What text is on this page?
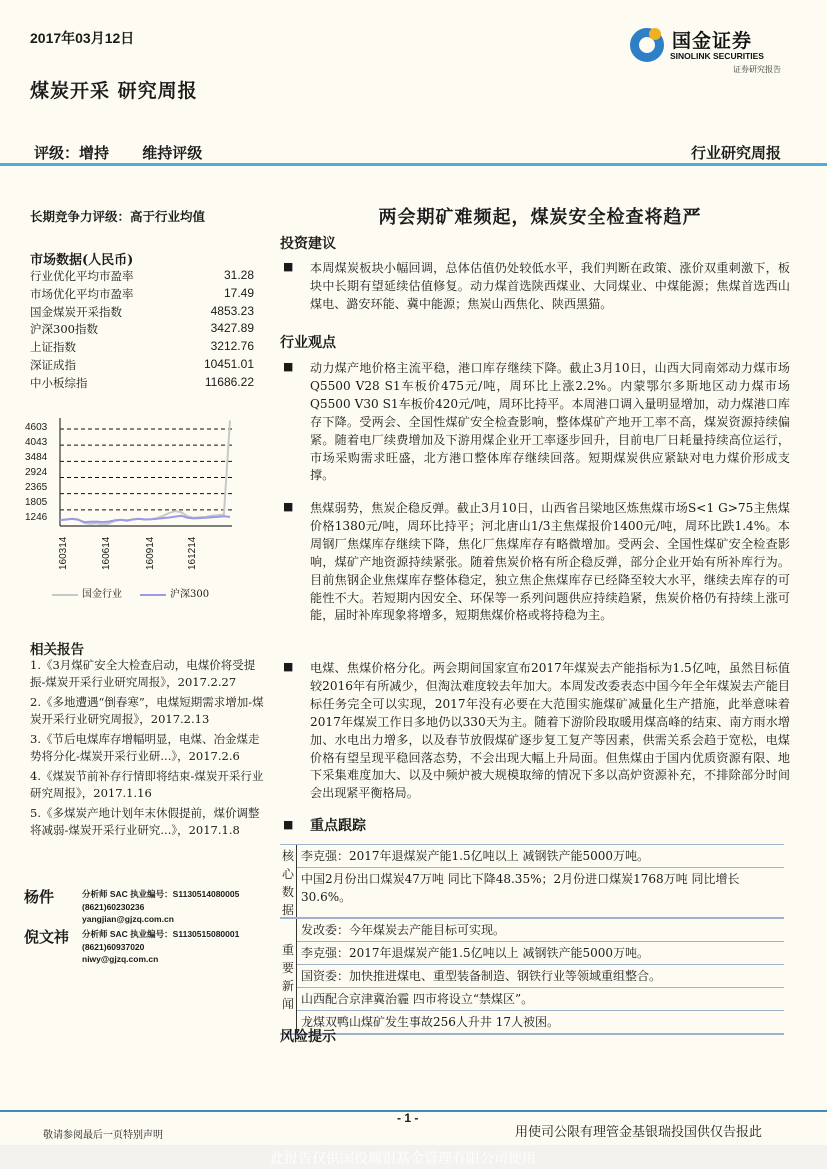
2017年03月12日
煤炭开采 研究周报
评级：增持 维持评级	行业研究周报
国金证券
SINOLINK SECURITIES
证券研究报告
长期竞争力评级：高于行业均值
市场数据(人民币)
行业优化平均市盈率	31.28
市场优化平均市盈率	17.49
国金煤炭开采指数	4853.23
沪深300指数	3427.89
上证指数	3212.76
深证成指	10451.01
中小板综指	11686.22
4603
4043
3484
2924
2365
1805
1246
160314	160614	160914	161214
国金行业	沪深300
相关报告
1.《3月煤矿安全大检查启动，电煤价将受提振-煤炭开采行业研究周报》，2017.2.27
2.《多地遭遇“倒春寒”，电煤短期需求增加-煤炭开采行业研究周报》，2017.2.13
3.《节后电煤库存增幅明显，电煤、冶金煤走势将分化-煤炭开采行业研...》，2017.2.6
4.《煤炭节前补存行情即将结束-煤炭开采行业研究周报》，2017.1.16
5.《多煤炭产地计划年末休假提前，煤价调整将减弱-煤炭开采行业研究...》，2017.1.8
杨件	分析师 SAC 执业编号：S1130514080005
(8621)60230236
yangjian@gjzq.com.cn
倪文祎 分析师 SAC 执业编号：S1130515080001
(8621)60937020
niwy@gjzq.com.cn
两会期矿难频起，煤炭安全检查将趋严
投资建议
■	本周煤炭板块小幅回调，总体估值仍处较低水平，我们判断在政策、涨价双重刺激下，板块中长期有望延续估值修复。动力煤首选陕西煤业、大同煤业、中煤能源；焦煤首选西山煤电、潞安环能、冀中能源；焦炭山西焦化、陕西黑猫。
行业观点
■	动力煤产地价格主流平稳，港口库存继续下降。截止3月10日，山西大同南郊动力煤市场Q5500 V28 S1车板价475元/吨，周环比上涨2.2%。内蒙鄂尔多斯地区动力煤市场Q5500 V30 S1车板价420元/吨，周环比持平。本周港口调入量明显增加，动力煤港口库存下降。受两会、全国性煤矿安全检查影响，整体煤矿产地开工率不高，煤炭资源持续偏紧。随着电厂续费增加及下游用煤企业开工率逐步回升，目前电厂日耗量持续高位运行，市场采购需求旺盛，北方港口整体库存继续回落。短期煤炭供应紧缺对电力煤价形成支撑。
■	焦煤弱势，焦炭企稳反弹。截止3月10日，山西省吕梁地区炼焦煤市场S<1 G>75主焦煤价格1380元/吨，周环比持平；河北唐山1/3主焦煤报价1400元/吨，周环比跌1.4%。本周钢厂焦煤库存继续下降，焦化厂焦煤库存有略微增加。受两会、全国性煤矿安全检查影响，煤矿产地资源持续紧张。随着焦炭价格有所企稳反弹，部分企业开始有所补库行为。目前焦钢企业焦煤库存整体稳定，独立焦企焦煤库存已经降至较大水平，继续去库存的可能性不大。若短期内因安全、环保等一系列问题供应持续趋紧，焦炭价格仍有持续上涨可能，届时补库现象将增多，短期焦煤价格或将持稳为主。
■	电煤、焦煤价格分化。两会期间国家宣布2017年煤炭去产能指标为1.5亿吨，虽然目标值较2016年有所减少，但淘汰难度较去年加大。本周发改委表态中国今年全年煤炭去产能目标任务完全可以实现，2017年没有必要在大范围实施煤矿减量化生产措施，此举意味着2017年煤炭工作日多地仍以330天为主。随着下游阶段取暖用煤高峰的结束、南方雨水增加、水电出力增多，以及春节放假煤矿逐步复工复产等因素，供需关系会趋于宽松，电煤价格有望呈现平稳回落态势，不会出现大幅上升局面。但焦煤由于国内优质资源有限、地下采集难度加大、以及中频炉被大规模取缔的情况下多以高炉资源补充，不排除部分时间会出现紧平衡格局。
■	重点跟踪
核
心
数
据
李克强：2017年退煤炭产能1.5亿吨以上 减钢铁产能5000万吨。
中国2月份出口煤炭47万吨 同比下降48.35%；2月份进口煤炭1768万吨 同比增长30.6%。
重
要
新
闻
发改委：今年煤炭去产能目标可实现。
李克强：2017年退煤炭产能1.5亿吨以上 减钢铁产能5000万吨。
国资委：加快推进煤电、重型装备制造、钢铁行业等领域重组整合。
山西配合京津冀治霾 四市将设立“禁煤区”。
龙煤双鸭山煤矿发生事故256人升井 17人被困。
风险提示
- 1 -
敬请参阅最后一页特别声明	用使司公限有理管金基银瑞投国供仅告报此
此报告仅供国投瑞银基金管理有限公司使用
